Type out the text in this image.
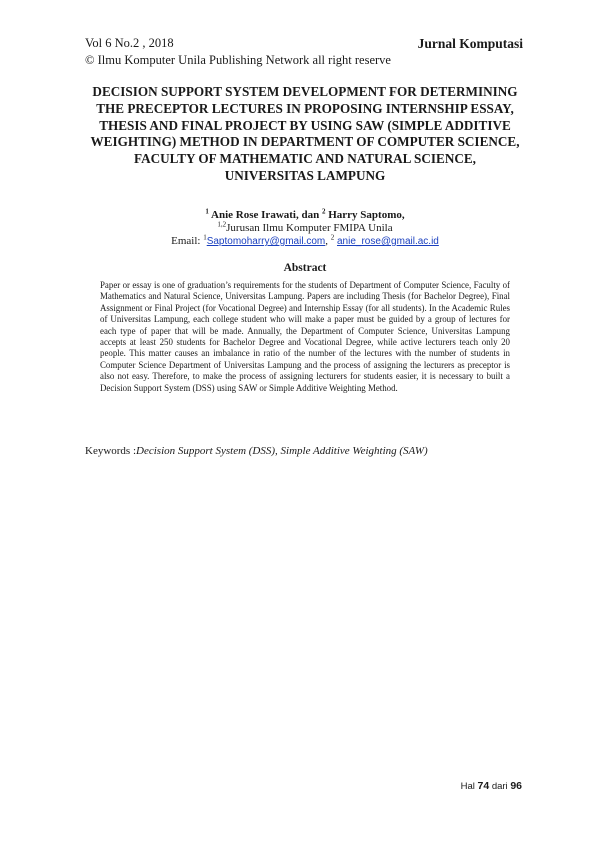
Vol 6 No.2 , 2018	Jurnal Komputasi
© Ilmu Komputer Unila Publishing Network all right reserve
DECISION SUPPORT SYSTEM DEVELOPMENT FOR DETERMINING THE PRECEPTOR LECTURES IN PROPOSING INTERNSHIP ESSAY, THESIS AND FINAL PROJECT BY USING SAW (SIMPLE ADDITIVE WEIGHTING) METHOD IN DEPARTMENT OF COMPUTER SCIENCE, FACULTY OF MATHEMATIC AND NATURAL SCIENCE, UNIVERSITAS LAMPUNG
$^1$ Anie Rose Irawati, dan $^2$ Harry Saptomo,
$^{1,2}$Jurusan Ilmu Komputer FMIPA Unila
Email: $^1$Saptomoharry@gmail.com, $^2$ anie_rose@gmail.ac.id
Abstract

Paper or essay is one of graduation’s requirements for the students of Department of Computer Science, Faculty of Mathematics and Natural Science, Universitas Lampung. Papers are including Thesis (for Bachelor Degree), Final Assignment or Final Project (for Vocational Degree) and Internship Essay (for all students). In the Academic Rules of Universitas Lampung, each college student who will make a paper must be guided by a group of lectures for each type of paper that will be made. Annually, the Department of Computer Science, Universitas Lampung accepts at least 250 students for Bachelor Degree and Vocational Degree, while active lecturers teach only 20 people. This matter causes an imbalance in ratio of the number of the lectures with the number of students in Computer Science Department of Universitas Lampung and the process of assigning the lecturers as preceptor is also not easy. Therefore, to make the process of assigning lecturers for students easier, it is necessary to built a Decision Support System (DSS) using SAW or Simple Additive Weighting Method.

Keywords :Decision Support System (DSS), Simple Additive Weighting (SAW)
Hal 74 dari 96
